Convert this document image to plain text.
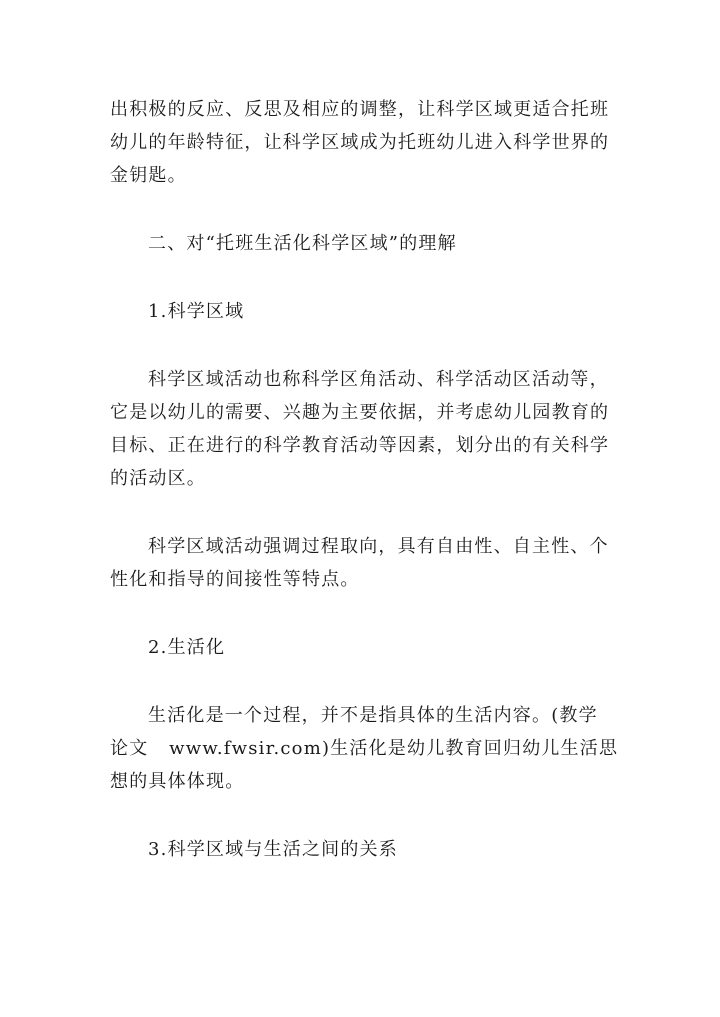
出积极的反应、反思及相应的调整，让科学区域更适合托班
幼儿的年龄特征，让科学区域成为托班幼儿进入科学世界的
金钥匙。
二、对“托班生活化科学区域”的理解
1.科学区域
科学区域活动也称科学区角活动、科学活动区活动等，
它是以幼儿的需要、兴趣为主要依据，并考虑幼儿园教育的
目标、正在进行的科学教育活动等因素，划分出的有关科学
的活动区。
科学区域活动强调过程取向，具有自由性、自主性、个
性化和指导的间接性等特点。
2.生活化
生活化是一个过程，并不是指具体的生活内容。(教学
论文   www.fwsir.com)生活化是幼儿教育回归幼儿生活思
想的具体体现。
3.科学区域与生活之间的关系
